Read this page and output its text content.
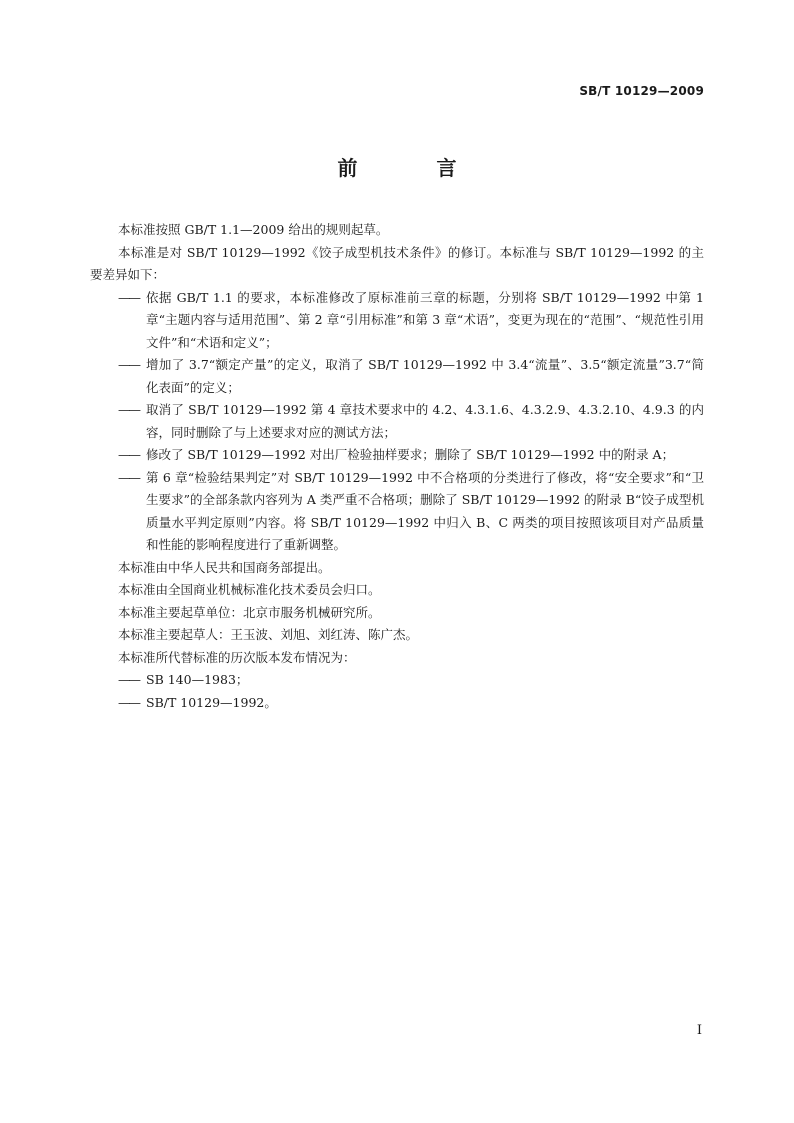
SB/T 10129—2009
前 言

本标准按照 GB/T 1.1—2009 给出的规则起草。

本标准是对 SB/T 10129—1992《饺子成型机技术条件》的修订。本标准与 SB/T 10129—1992 的主要差异如下：

—— 依据 GB/T 1.1 的要求，本标准修改了原标准前三章的标题，分别将 SB/T 10129—1992 中第 1 章“主题内容与适用范围”、第 2 章“引用标准”和第 3 章“术语”，变更为现在的“范围”、“规范性引用文件”和“术语和定义”；
—— 增加了 3.7“额定产量”的定义，取消了 SB/T 10129—1992 中 3.4“流量”、3.5“额定流量”3.7“简化表面”的定义；
—— 取消了 SB/T 10129—1992 第 4 章技术要求中的 4.2、4.3.1.6、4.3.2.9、4.3.2.10、4.9.3 的内容，同时删除了与上述要求对应的测试方法；
—— 修改了 SB/T 10129—1992 对出厂检验抽样要求；删除了 SB/T 10129—1992 中的附录 A；
—— 第 6 章“检验结果判定”对 SB/T 10129—1992 中不合格项的分类进行了修改，将“安全要求”和“卫生要求”的全部条款内容列为 A 类严重不合格项；删除了 SB/T 10129—1992 的附录 B“饺子成型机质量水平判定原则”内容。将 SB/T 10129—1992 中归入 B、C 两类的项目按照该项目对产品质量和性能的影响程度进行了重新调整。

本标准由中华人民共和国商务部提出。

本标准由全国商业机械标准化技术委员会归口。

本标准主要起草单位：北京市服务机械研究所。

本标准主要起草人：王玉波、刘旭、刘红涛、陈广杰。

本标准所代替标准的历次版本发布情况为：

—— SB 140—1983；
—— SB/T 10129—1992。
I
